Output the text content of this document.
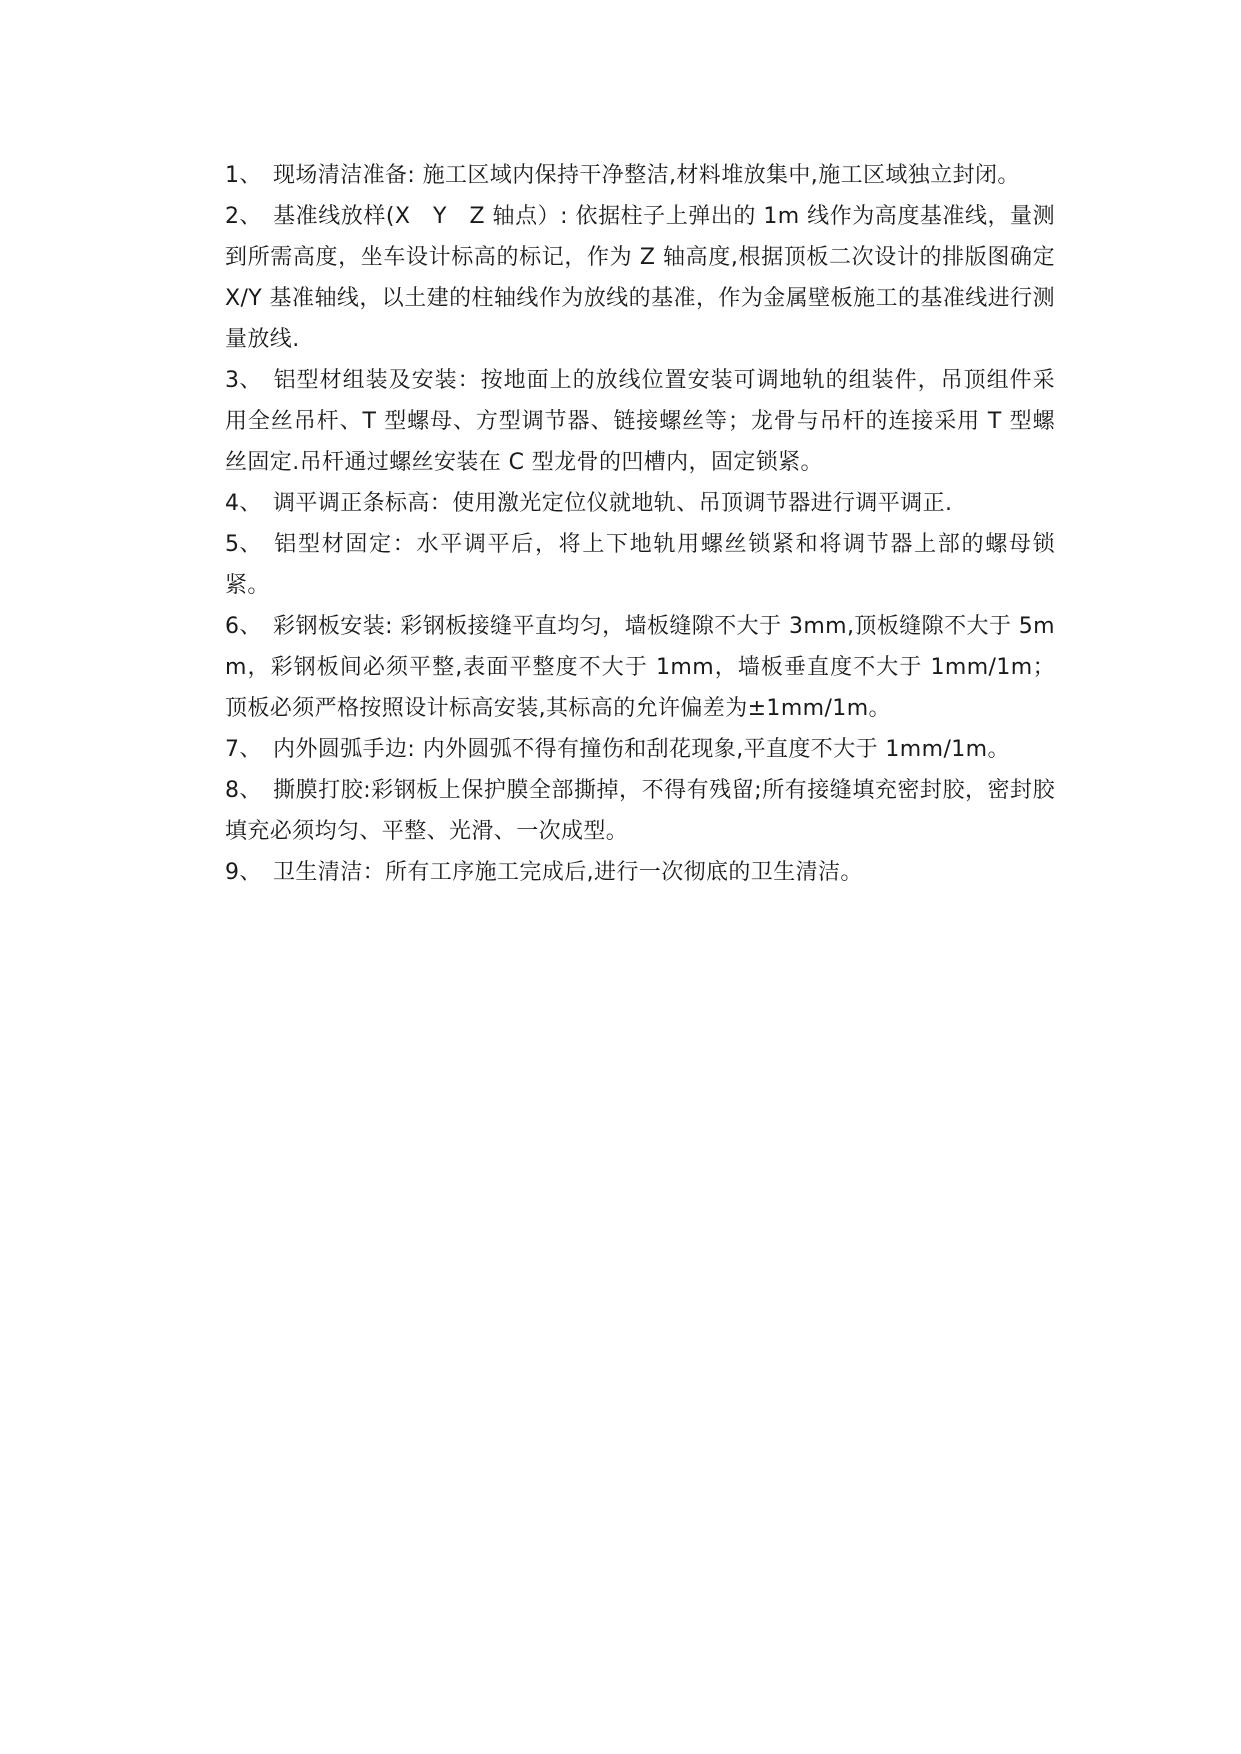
1、 现场清洁准备: 施工区域内保持干净整洁,材料堆放集中,施工区域独立封闭。

2、 基准线放样(X　Y　Z 轴点）: 依据柱子上弹出的 1m 线作为高度基准线，量测到所需高度，坐车设计标高的标记，作为 Z 轴高度,根据顶板二次设计的排版图确定 X/Y 基准轴线，以土建的柱轴线作为放线的基准，作为金属壁板施工的基准线进行测量放线.

3、 铝型材组装及安装：按地面上的放线位置安装可调地轨的组装件，吊顶组件采用全丝吊杆、T 型螺母、方型调节器、链接螺丝等；龙骨与吊杆的连接采用 T 型螺丝固定.吊杆通过螺丝安装在 C 型龙骨的凹槽内，固定锁紧。

4、 调平调正条标高：使用激光定位仪就地轨、吊顶调节器进行调平调正.

5、 铝型材固定：水平调平后，将上下地轨用螺丝锁紧和将调节器上部的螺母锁紧。

6、 彩钢板安装: 彩钢板接缝平直均匀，墙板缝隙不大于 3mm,顶板缝隙不大于 5mm，彩钢板间必须平整,表面平整度不大于 1mm，墙板垂直度不大于 1mm/1m；顶板必须严格按照设计标高安装,其标高的允许偏差为±1mm/1m。

7、 内外圆弧手边: 内外圆弧不得有撞伤和刮花现象,平直度不大于 1mm/1m。

8、 撕膜打胶:彩钢板上保护膜全部撕掉，不得有残留;所有接缝填充密封胶，密封胶填充必须均匀、平整、光滑、一次成型。

9、 卫生清洁：所有工序施工完成后,进行一次彻底的卫生清洁。
